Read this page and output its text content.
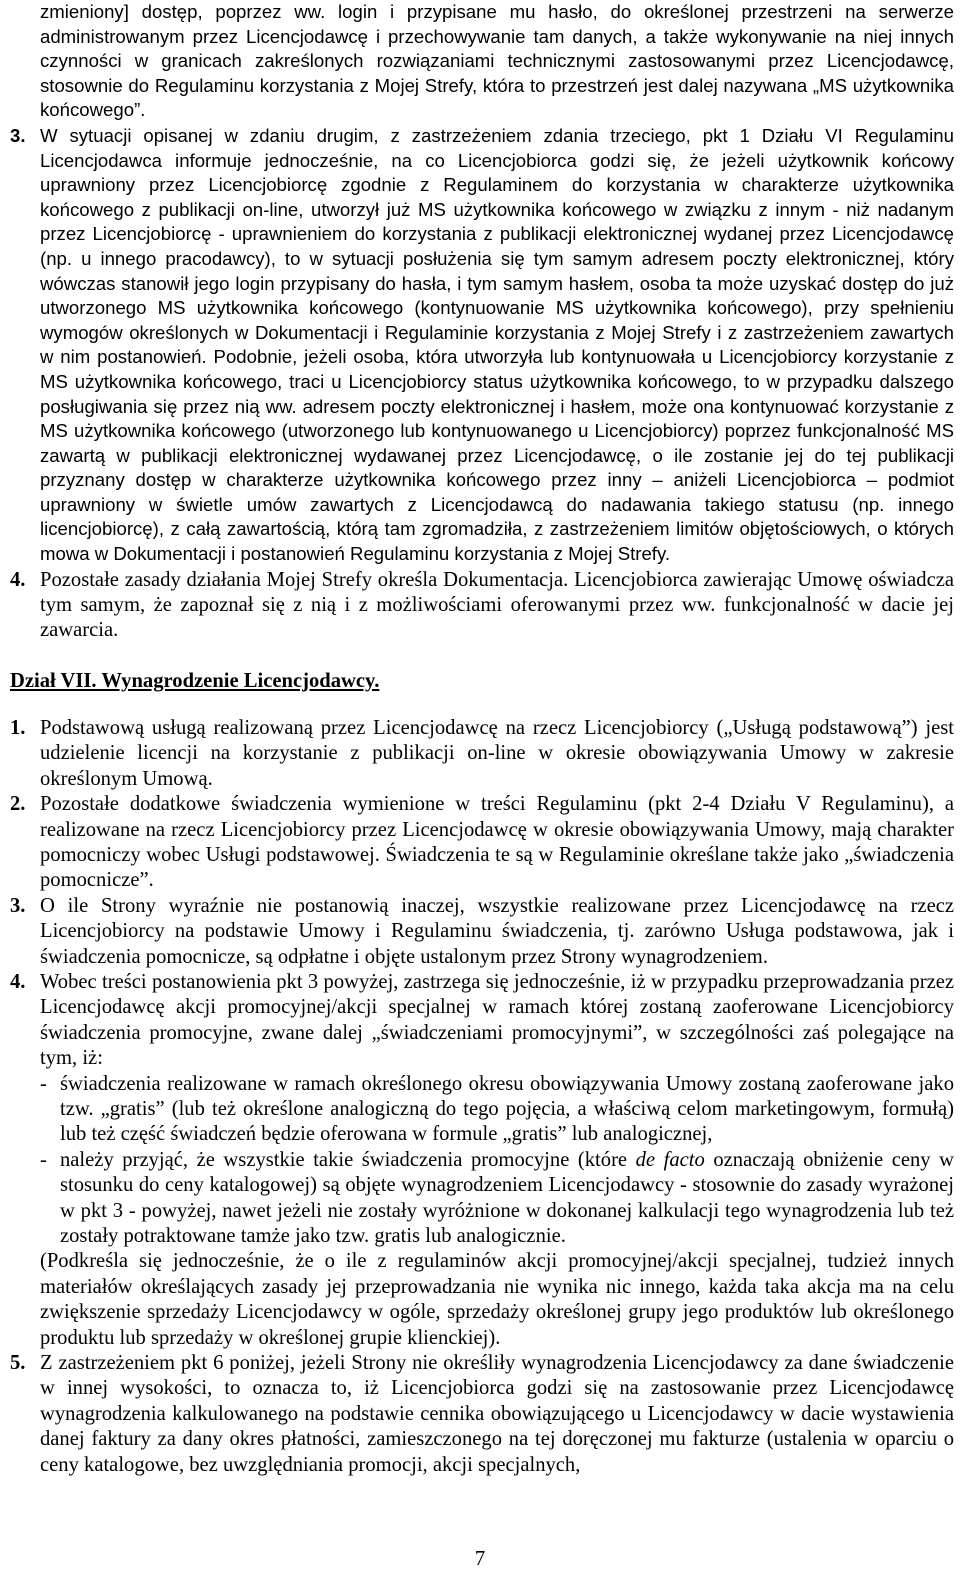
zmieniony] dostęp, poprzez ww. login i przypisane mu hasło, do określonej przestrzeni na serwerze administrowanym przez Licencjodawcę i przechowywanie tam danych, a także wykonywanie na niej innych czynności w granicach zakreślonych rozwiązaniami technicznymi zastosowanymi przez Licencjodawcę, stosownie do Regulaminu korzystania z Mojej Strefy, która to przestrzeń jest dalej nazywana „MS użytkownika końcowego”.

3. W sytuacji opisanej w zdaniu drugim, z zastrzeżeniem zdania trzeciego, pkt 1 Działu VI Regulaminu Licencjodawca informuje jednocześnie, na co Licencjobiorca godzi się, że jeżeli użytkownik końcowy uprawniony przez Licencjobiorcę zgodnie z Regulaminem do korzystania w charakterze użytkownika końcowego z publikacji on-line, utworzył już MS użytkownika końcowego w związku z innym - niż nadanym przez Licencjobiorcę - uprawnieniem do korzystania z publikacji elektronicznej wydanej przez Licencjodawcę (np. u innego pracodawcy), to w sytuacji posłużenia się tym samym adresem poczty elektronicznej, który wówczas stanowił jego login przypisany do hasła, i tym samym hasłem, osoba ta może uzyskać dostęp do już utworzonego MS użytkownika końcowego (kontynuowanie MS użytkownika końcowego), przy spełnieniu wymogów określonych w Dokumentacji i Regulaminie korzystania z Mojej Strefy i z zastrzeżeniem zawartych w nim postanowień. Podobnie, jeżeli osoba, która utworzyła lub kontynuowała u Licencjobiorcy korzystanie z MS użytkownika końcowego, traci u Licencjobiorcy status użytkownika końcowego, to w przypadku dalszego posługiwania się przez nią ww. adresem poczty elektronicznej i hasłem, może ona kontynuować korzystanie z MS użytkownika końcowego (utworzonego lub kontynuowanego u Licencjobiorcy) poprzez funkcjonalność MS zawartą w publikacji elektronicznej wydawanej przez Licencjodawcę, o ile zostanie jej do tej publikacji przyznany dostęp w charakterze użytkownika końcowego przez inny – aniżeli Licencjobiorca – podmiot uprawniony w świetle umów zawartych z Licencjodawcą do nadawania takiego statusu (np. innego licencjobiorcę), z całą zawartością, którą tam zgromadziła, z zastrzeżeniem limitów objętościowych, o których mowa w Dokumentacji i postanowień Regulaminu korzystania z Mojej Strefy.
4. Pozostałe zasady działania Mojej Strefy określa Dokumentacja. Licencjobiorca zawierając Umowę oświadcza tym samym, że zapoznał się z nią i z możliwościami oferowanymi przez ww. funkcjonalność w dacie jej zawarcia.
Dział VII. Wynagrodzenie Licencjodawcy.
1. Podstawową usługą realizowaną przez Licencjodawcę na rzecz Licencjobiorcy („Usługą podstawową”) jest udzielenie licencji na korzystanie z publikacji on-line w okresie obowiązywania Umowy w zakresie określonym Umową.
2. Pozostałe dodatkowe świadczenia wymienione w treści Regulaminu (pkt 2-4 Działu V Regulaminu), a realizowane na rzecz Licencjobiorcy przez Licencjodawcę w okresie obowiązywania Umowy, mają charakter pomocniczy wobec Usługi podstawowej. Świadczenia te są w Regulaminie określane także jako „świadczenia pomocnicze”.
3. O ile Strony wyraźnie nie postanowią inaczej, wszystkie realizowane przez Licencjodawcę na rzecz Licencjobiorcy na podstawie Umowy i Regulaminu świadczenia, tj. zarówno Usługa podstawowa, jak i świadczenia pomocnicze, są odpłatne i objęte ustalonym przez Strony wynagrodzeniem.
4. Wobec treści postanowienia pkt 3 powyżej, zastrzega się jednocześnie, iż w przypadku przeprowadzania przez Licencjodawcę akcji promocyjnej/akcji specjalnej w ramach której zostaną zaoferowane Licencjobiorcy świadczenia promocyjne, zwane dalej „świadczeniami promocyjnymi”, w szczególności zaś polegające na tym, iż:
- świadczenia realizowane w ramach określonego okresu obowiązywania Umowy zostaną zaoferowane jako tzw. „gratis” (lub też określone analogiczną do tego pojęcia, a właściwą celom marketingowym, formułą) lub też część świadczeń będzie oferowana w formule „gratis” lub analogicznej,
- należy przyjąć, że wszystkie takie świadczenia promocyjne (które de facto oznaczają obniżenie ceny w stosunku do ceny katalogowej) są objęte wynagrodzeniem Licencjodawcy - stosownie do zasady wyrażonej w pkt 3 - powyżej, nawet jeżeli nie zostały wyróżnione w dokonanej kalkulacji tego wynagrodzenia lub też zostały potraktowane tamże jako tzw. gratis lub analogicznie.

(Podkreśla się jednocześnie, że o ile z regulaminów akcji promocyjnej/akcji specjalnej, tudzież innych materiałów określających zasady jej przeprowadzania nie wynika nic innego, każda taka akcja ma na celu zwiększenie sprzedaży Licencjodawcy w ogóle, sprzedaży określonej grupy jego produktów lub określonego produktu lub sprzedaży w określonej grupie klienckiej).

5. Z zastrzeżeniem pkt 6 poniżej, jeżeli Strony nie określiły wynagrodzenia Licencjodawcy za dane świadczenie w innej wysokości, to oznacza to, iż Licencjobiorca godzi się na zastosowanie przez Licencjodawcę wynagrodzenia kalkulowanego na podstawie cennika obowiązującego u Licencjodawcy w dacie wystawienia danej faktury za dany okres płatności, zamieszczonego na tej doręczonej mu fakturze (ustalenia w oparciu o ceny katalogowe, bez uwzględniania promocji, akcji specjalnych,
7
